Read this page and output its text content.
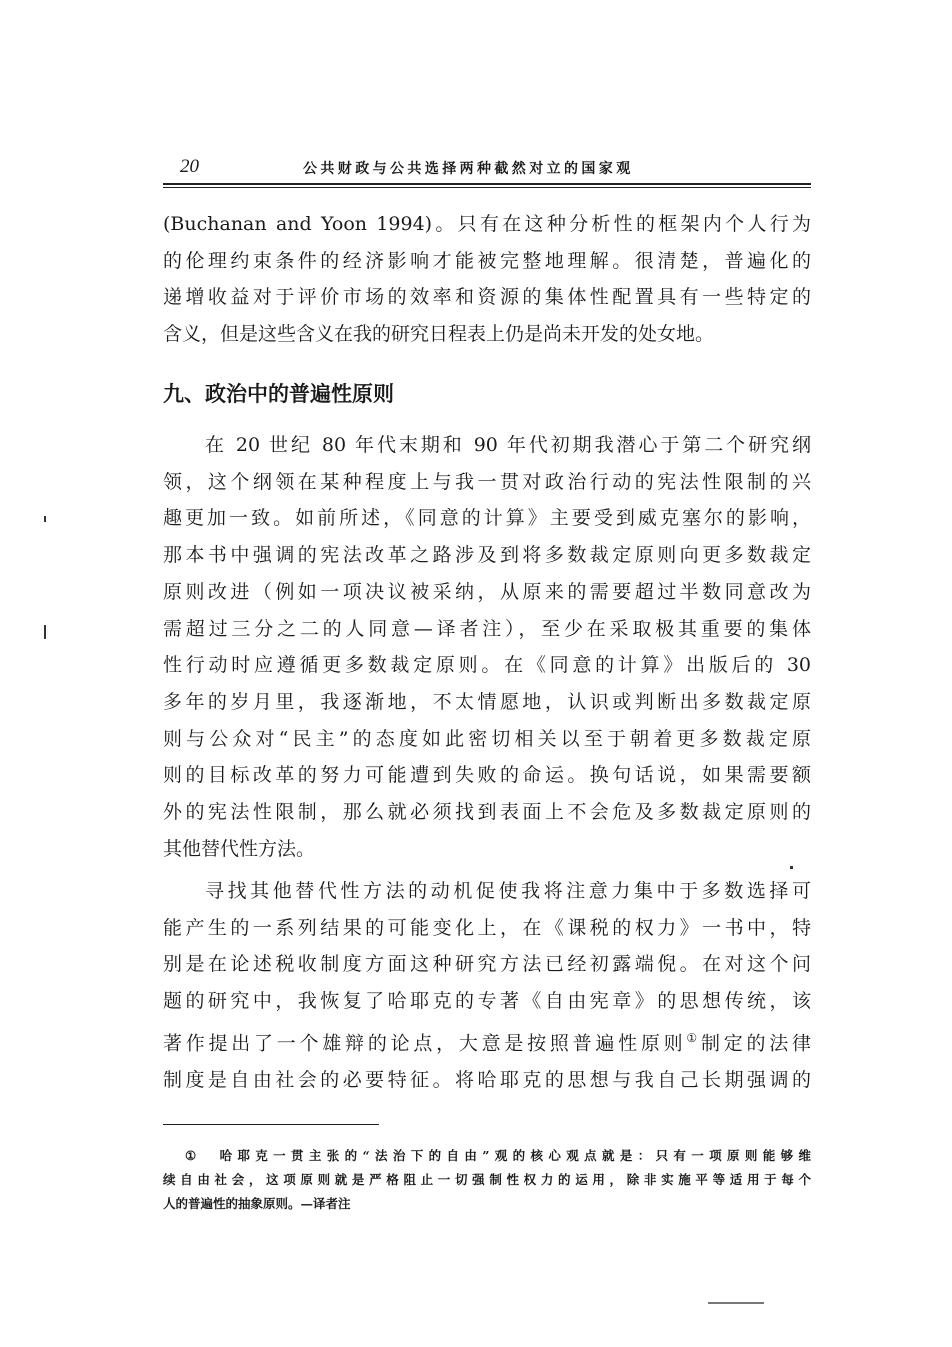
20	公共财政与公共选择两种截然对立的国家观
(Buchanan and Yoon 1994)。只有在这种分析性的框架内个人行为
的伦理约束条件的经济影响才能被完整地理解。很清楚，普遍化的
递增收益对于评价市场的效率和资源的集体性配置具有一些特定的
含义，但是这些含义在我的研究日程表上仍是尚未开发的处女地。
九、政治中的普遍性原则
在 20 世纪 80 年代末期和 90 年代初期我潜心于第二个研究纲
领，这个纲领在某种程度上与我一贯对政治行动的宪法性限制的兴
趣更加一致。如前所述，《同意的计算》主要受到威克塞尔的影响，
那本书中强调的宪法改革之路涉及到将多数裁定原则向更多数裁定
原则改进（例如一项决议被采纳，从原来的需要超过半数同意改为
需超过三分之二的人同意—译者注），至少在采取极其重要的集体
性行动时应遵循更多数裁定原则。在《同意的计算》出版后的 30
多年的岁月里，我逐渐地，不太情愿地，认识或判断出多数裁定原
则与公众对“民主”的态度如此密切相关以至于朝着更多数裁定原
则的目标改革的努力可能遭到失败的命运。换句话说，如果需要额
外的宪法性限制，那么就必须找到表面上不会危及多数裁定原则的
其他替代性方法。
寻找其他替代性方法的动机促使我将注意力集中于多数选择可
能产生的一系列结果的可能变化上，在《课税的权力》一书中，特
别是在论述税收制度方面这种研究方法已经初露端倪。在对这个问
题的研究中，我恢复了哈耶克的专著《自由宪章》的思想传统，该
著作提出了一个雄辩的论点，大意是按照普遍性原则①制定的法律
制度是自由社会的必要特征。将哈耶克的思想与我自己长期强调的
① 哈耶克一贯主张的“法治下的自由”观的核心观点就是：只有一项原则能够维
续自由社会，这项原则就是严格阻止一切强制性权力的运用，除非实施平等适用于每个
人的普遍性的抽象原则。—译者注
